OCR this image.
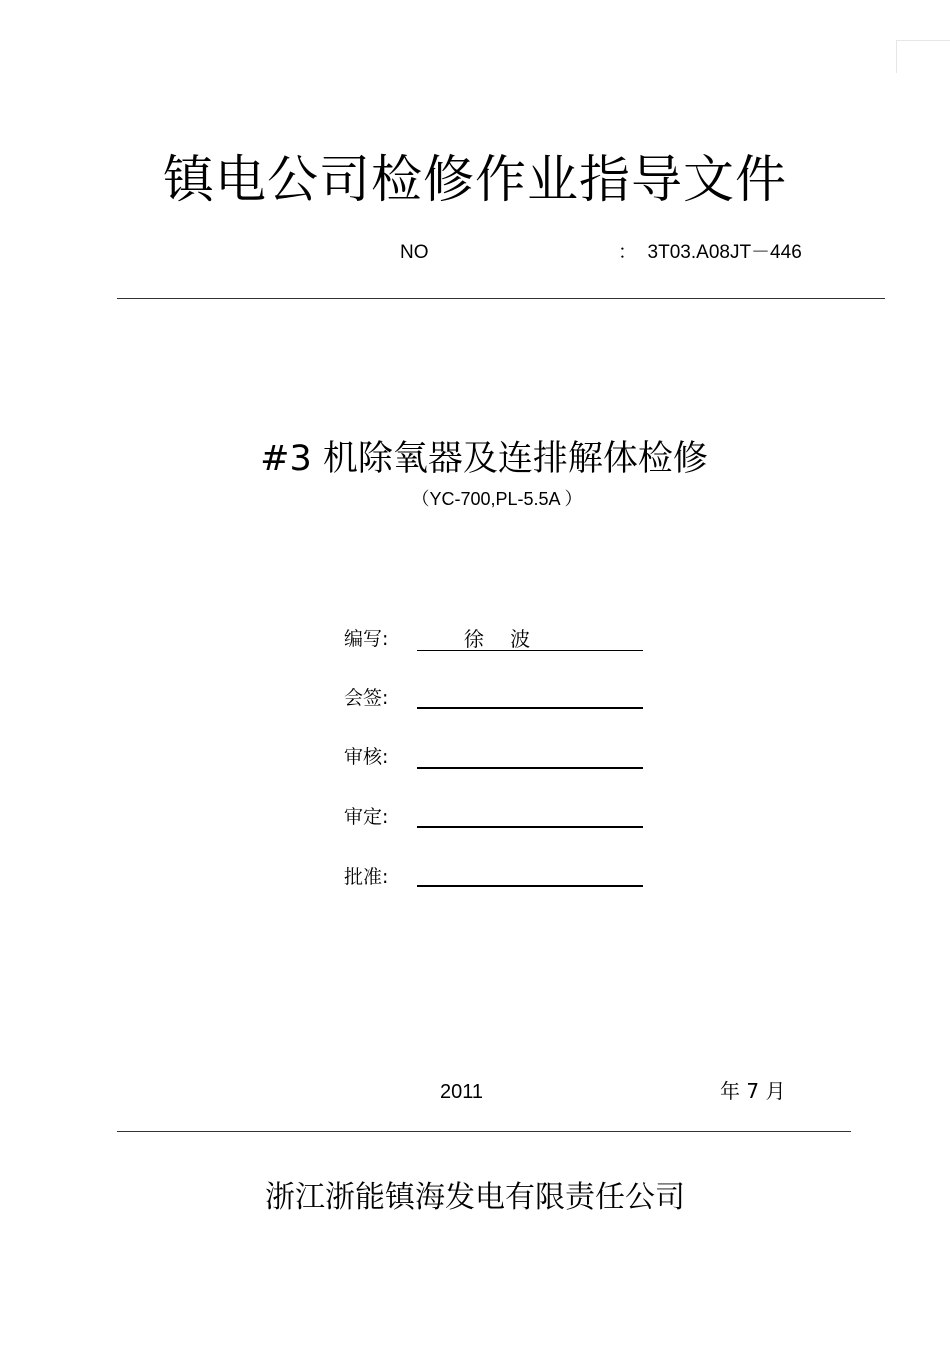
镇电公司检修作业指导文件
NO	：  3T03.A08JT－446
#3 机除氧器及连排解体检修
（YC-700,PL-5.5A ）
编写:	徐 波
会签:
审核:
审定:
批准:
2011	年 7 月
浙江浙能镇海发电有限责任公司
